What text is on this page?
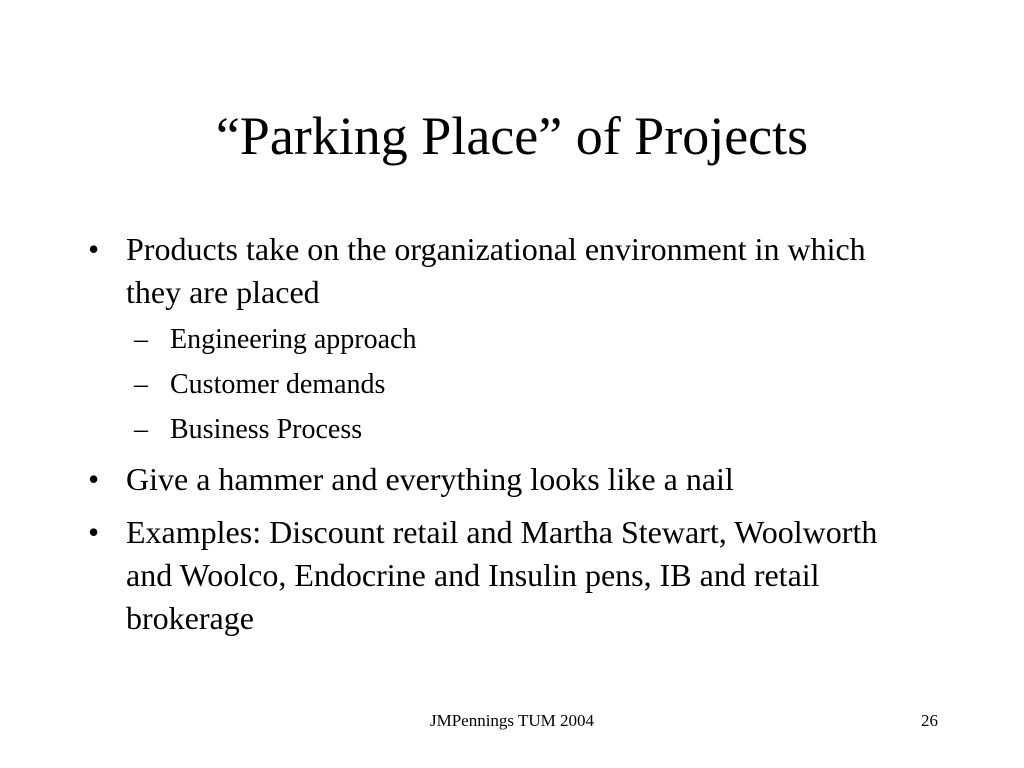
“Parking Place” of Projects
• Products take on the organizational environment in which they are placed
– Engineering approach
– Customer demands
– Business Process
• Give a hammer and everything looks like a nail
• Examples: Discount retail and Martha Stewart, Woolworth and Woolco, Endocrine and Insulin pens, IB and retail brokerage
JMPennings TUM 2004	26
